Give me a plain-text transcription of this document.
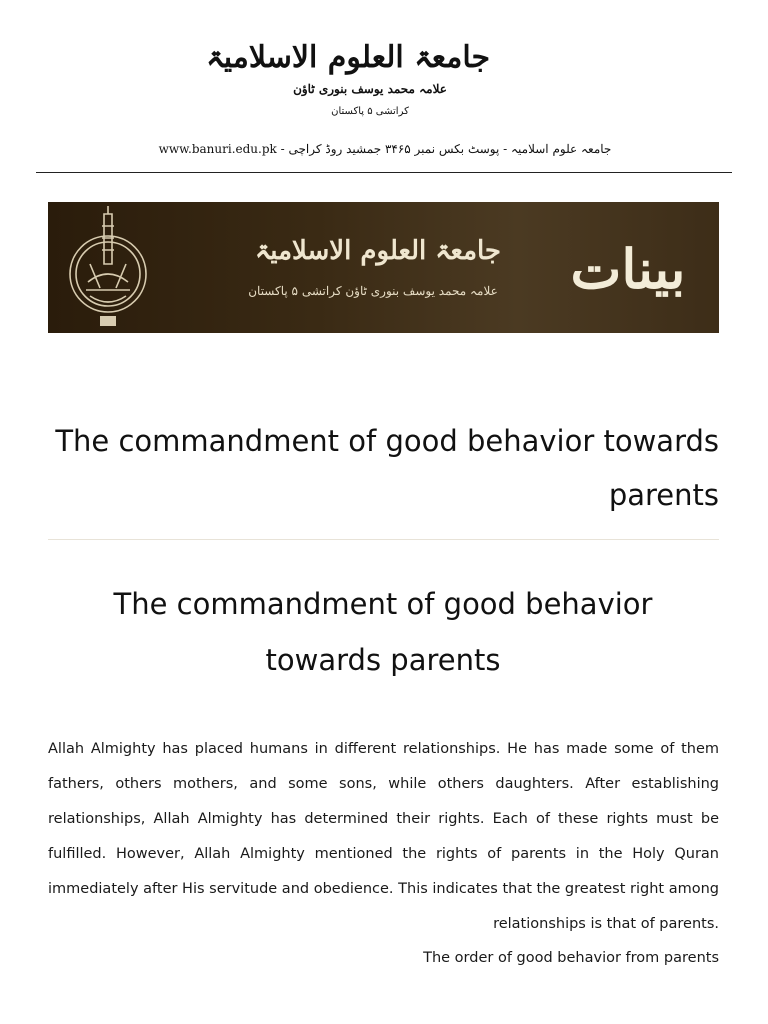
جامعۃ العلوم الاسلامیۃ
علامہ محمد یوسف بنوری ٹاؤن
کراتشی ۵ پاکستان
www.banuri.edu.pk - جامعہ علوم اسلامیہ - پوسٹ بکس نمبر ۳۴۶۵ جمشید روڈ کراچی
جامعۃ العلوم الاسلامیۃ
علامہ محمد یوسف بنوری ٹاؤن کراتشی ۵ پاکستان	بینات
The commandment of good behavior towards parents
The commandment of good behavior towards parents

Allah Almighty has placed humans in different relationships. He has made some of them fathers, others mothers, and some sons, while others daughters. After establishing relationships, Allah Almighty has determined their rights. Each of these rights must be fulfilled. However, Allah Almighty mentioned the rights of parents in the Holy Quran immediately after His servitude and obedience. This indicates that the greatest right among relationships is that of parents.

The order of good behavior from parents
